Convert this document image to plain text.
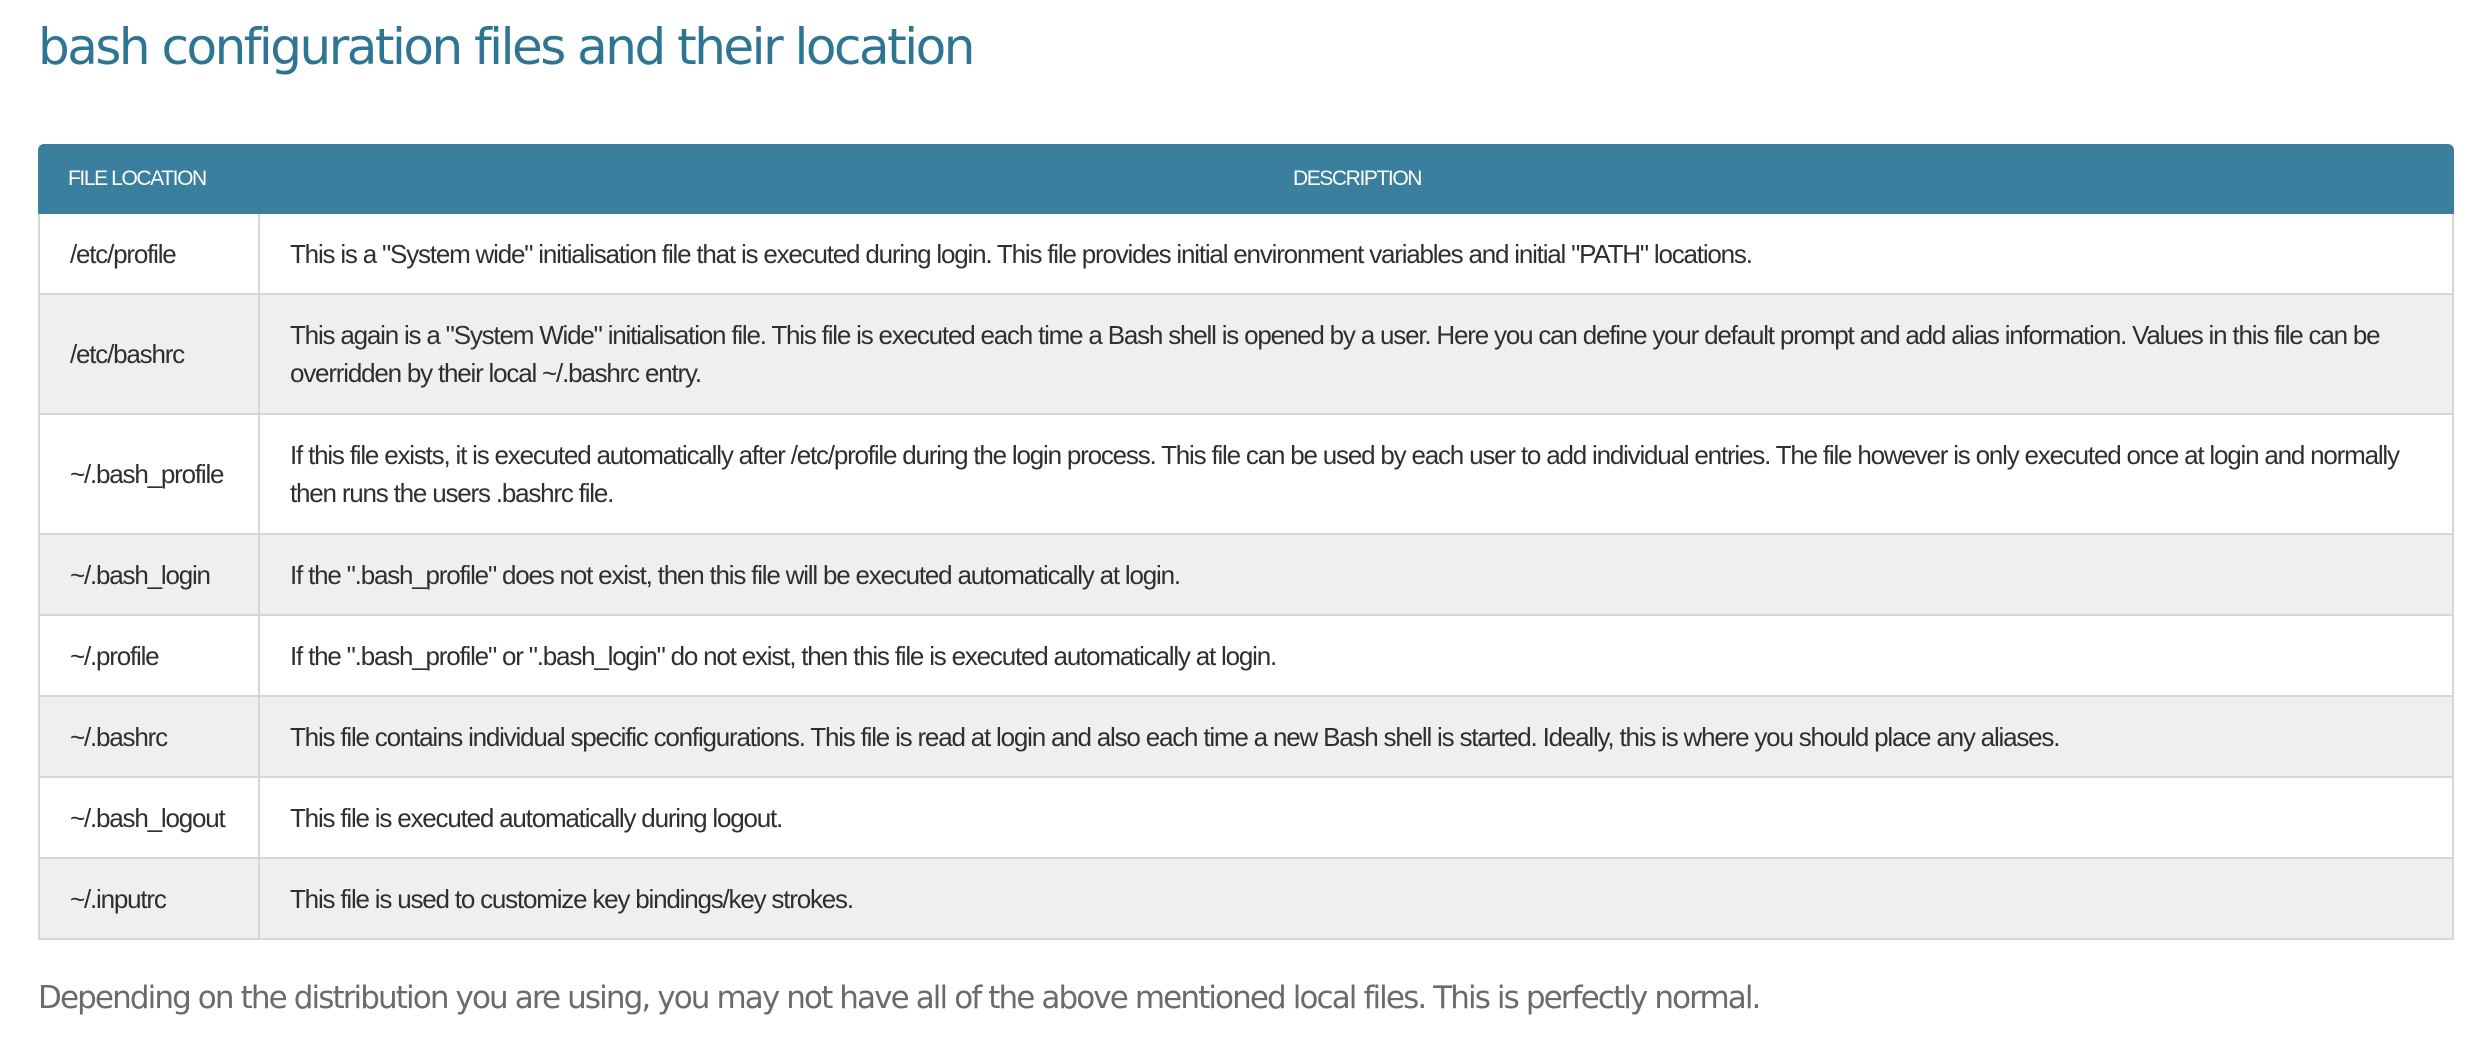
bash configuration files and their location
FILE LOCATION	DESCRIPTION
/etc/profile	This is a "System wide" initialisation file that is executed during login. This file provides initial environment variables and initial "PATH" locations.
/etc/bashrc	This again is a "System Wide" initialisation file. This file is executed each time a Bash shell is opened by a user. Here you can define your default prompt and add alias information. Values in this file can be overridden by their local ~/.bashrc entry.
~/.bash_profile	If this file exists, it is executed automatically after /etc/profile during the login process. This file can be used by each user to add individual entries. The file however is only executed once at login and normally then runs the users .bashrc file.
~/.bash_login	If the ".bash_profile" does not exist, then this file will be executed automatically at login.
~/.profile	If the ".bash_profile" or ".bash_login" do not exist, then this file is executed automatically at login.
~/.bashrc	This file contains individual specific configurations. This file is read at login and also each time a new Bash shell is started. Ideally, this is where you should place any aliases.
~/.bash_logout	This file is executed automatically during logout.
~/.inputrc	This file is used to customize key bindings/key strokes.

Depending on the distribution you are using, you may not have all of the above mentioned local files. This is perfectly normal.
